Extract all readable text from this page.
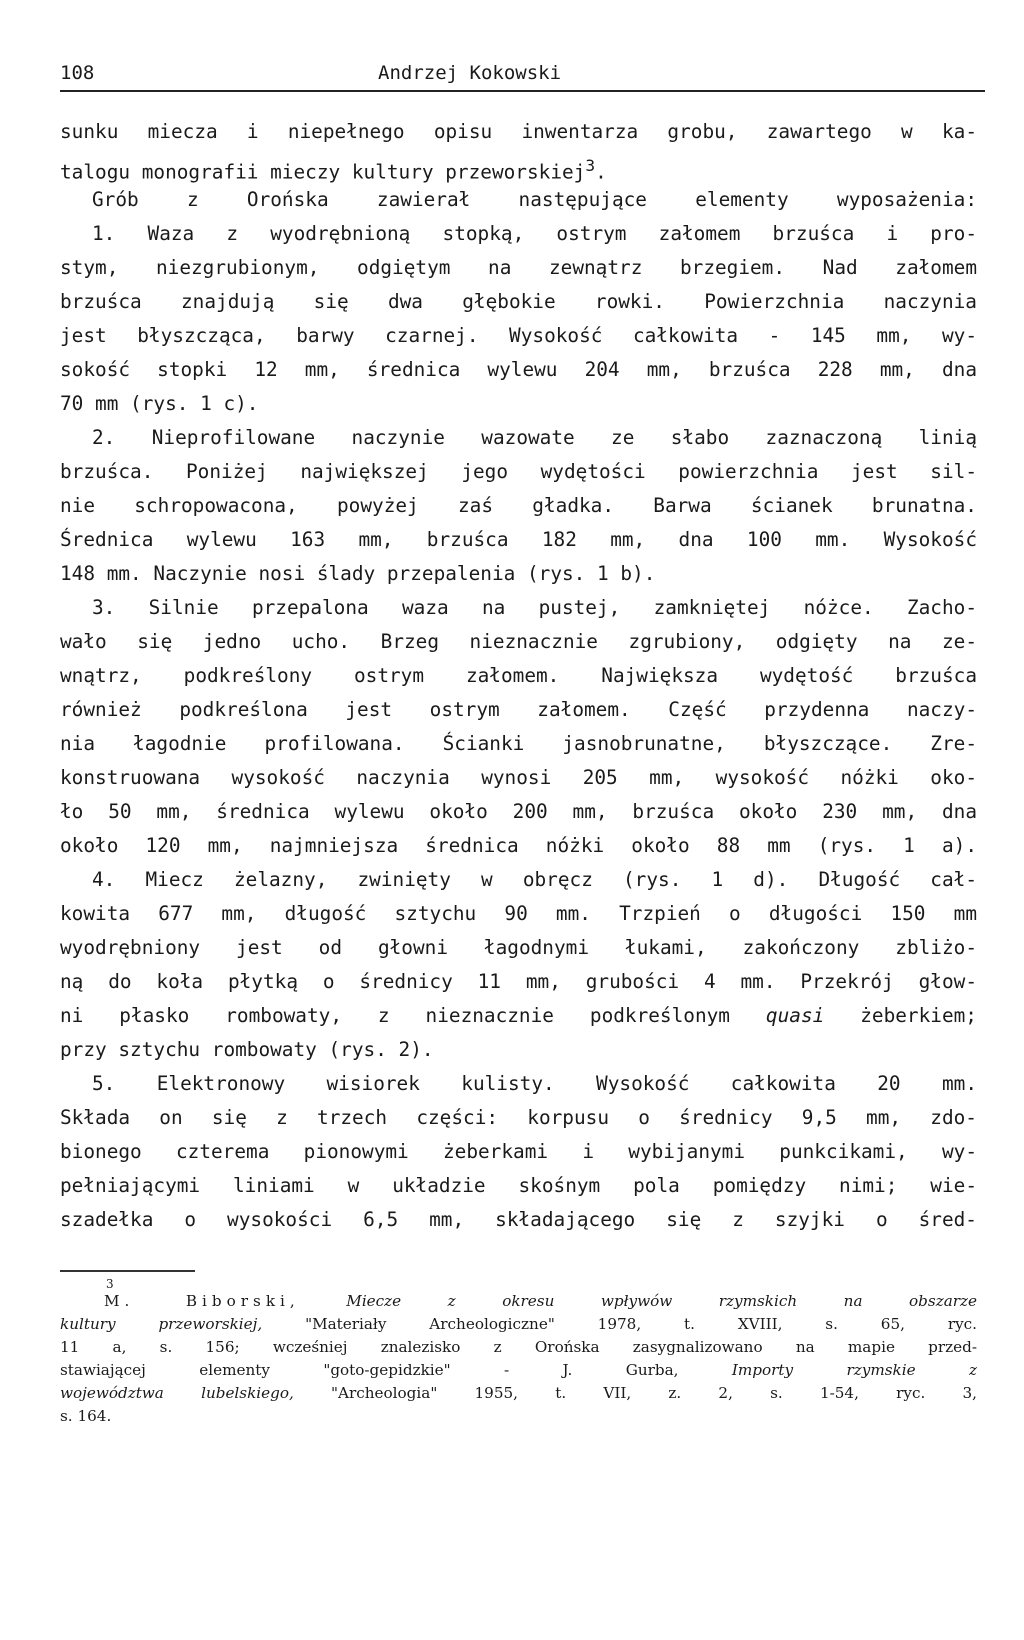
108	Andrzej Kokowski

sunku miecza i niepełnego opisu inwentarza grobu, zawartego w ka-

talogu monografii mieczy kultury przeworskiej$^3$.

Grób z Orońska zawierał następujące elementy wyposażenia:

1. Waza z wyodrębnioną stopką, ostrym załomem brzuśca i pro-

stym, niezgrubionym, odgiętym na zewnątrz brzegiem. Nad załomem

brzuśca znajdują się dwa głębokie rowki. Powierzchnia naczynia

jest błyszcząca, barwy czarnej. Wysokość całkowita - 145 mm, wy-

sokość stopki 12 mm, średnica wylewu 204 mm, brzuśca 228 mm, dna

70 mm (rys. 1 c).

2. Nieprofilowane naczynie wazowate ze słabo zaznaczoną linią

brzuśca. Poniżej największej jego wydętości powierzchnia jest sil-

nie schropowacona, powyżej zaś gładka. Barwa ścianek brunatna.

Średnica wylewu 163 mm, brzuśca 182 mm, dna 100 mm. Wysokość

148 mm. Naczynie nosi ślady przepalenia (rys. 1 b).

3. Silnie przepalona waza na pustej, zamkniętej nóżce. Zacho-

wało się jedno ucho. Brzeg nieznacznie zgrubiony, odgięty na ze-

wnątrz, podkreślony ostrym załomem. Największa wydętość brzuśca

również podkreślona jest ostrym załomem. Część przydenna naczy-

nia łagodnie profilowana. Ścianki jasnobrunatne, błyszczące. Zre-

konstruowana wysokość naczynia wynosi 205 mm, wysokość nóżki oko-

ło 50 mm, średnica wylewu około 200 mm, brzuśca około 230 mm, dna

około 120 mm, najmniejsza średnica nóżki około 88 mm (rys. 1 a).

4. Miecz żelazny, zwinięty w obręcz (rys. 1 d). Długość cał-

kowita 677 mm, długość sztychu 90 mm. Trzpień o długości 150 mm

wyodrębniony jest od głowni łagodnymi łukami, zakończony zbliżo-

ną do koła płytką o średnicy 11 mm, grubości 4 mm. Przekrój głow-

ni płasko rombowaty, z nieznacznie podkreślonym quasi żeberkiem;

przy sztychu rombowaty (rys. 2).

5. Elektronowy wisiorek kulisty. Wysokość całkowita 20 mm.

Składa on się z trzech części: korpusu o średnicy 9,5 mm, zdo-

bionego czterema pionowymi żeberkami i wybijanymi punkcikami, wy-

pełniającymi liniami w układzie skośnym pola pomiędzy nimi; wie-

szadełka o wysokości 6,5 mm, składającego się z szyjki o śred-

3

M. Biborski,	Miecze z okresu wpływów rzymskich na obszarze

kultury przeworskiej,	"Materiały Archeologiczne" 1978, t. XVIII, s. 65, ryc.

11 a, s. 156; wcześniej znalezisko z Orońska zasygnalizowano na mapie przed-

stawiającej elementy "goto-gepidzkie" - J. Gurba,	Importy rzymskie z

województwa lubelskiego, "Archeologia" 1955, t. VII, z. 2, s. 1-54, ryc. 3,

s. 164.
